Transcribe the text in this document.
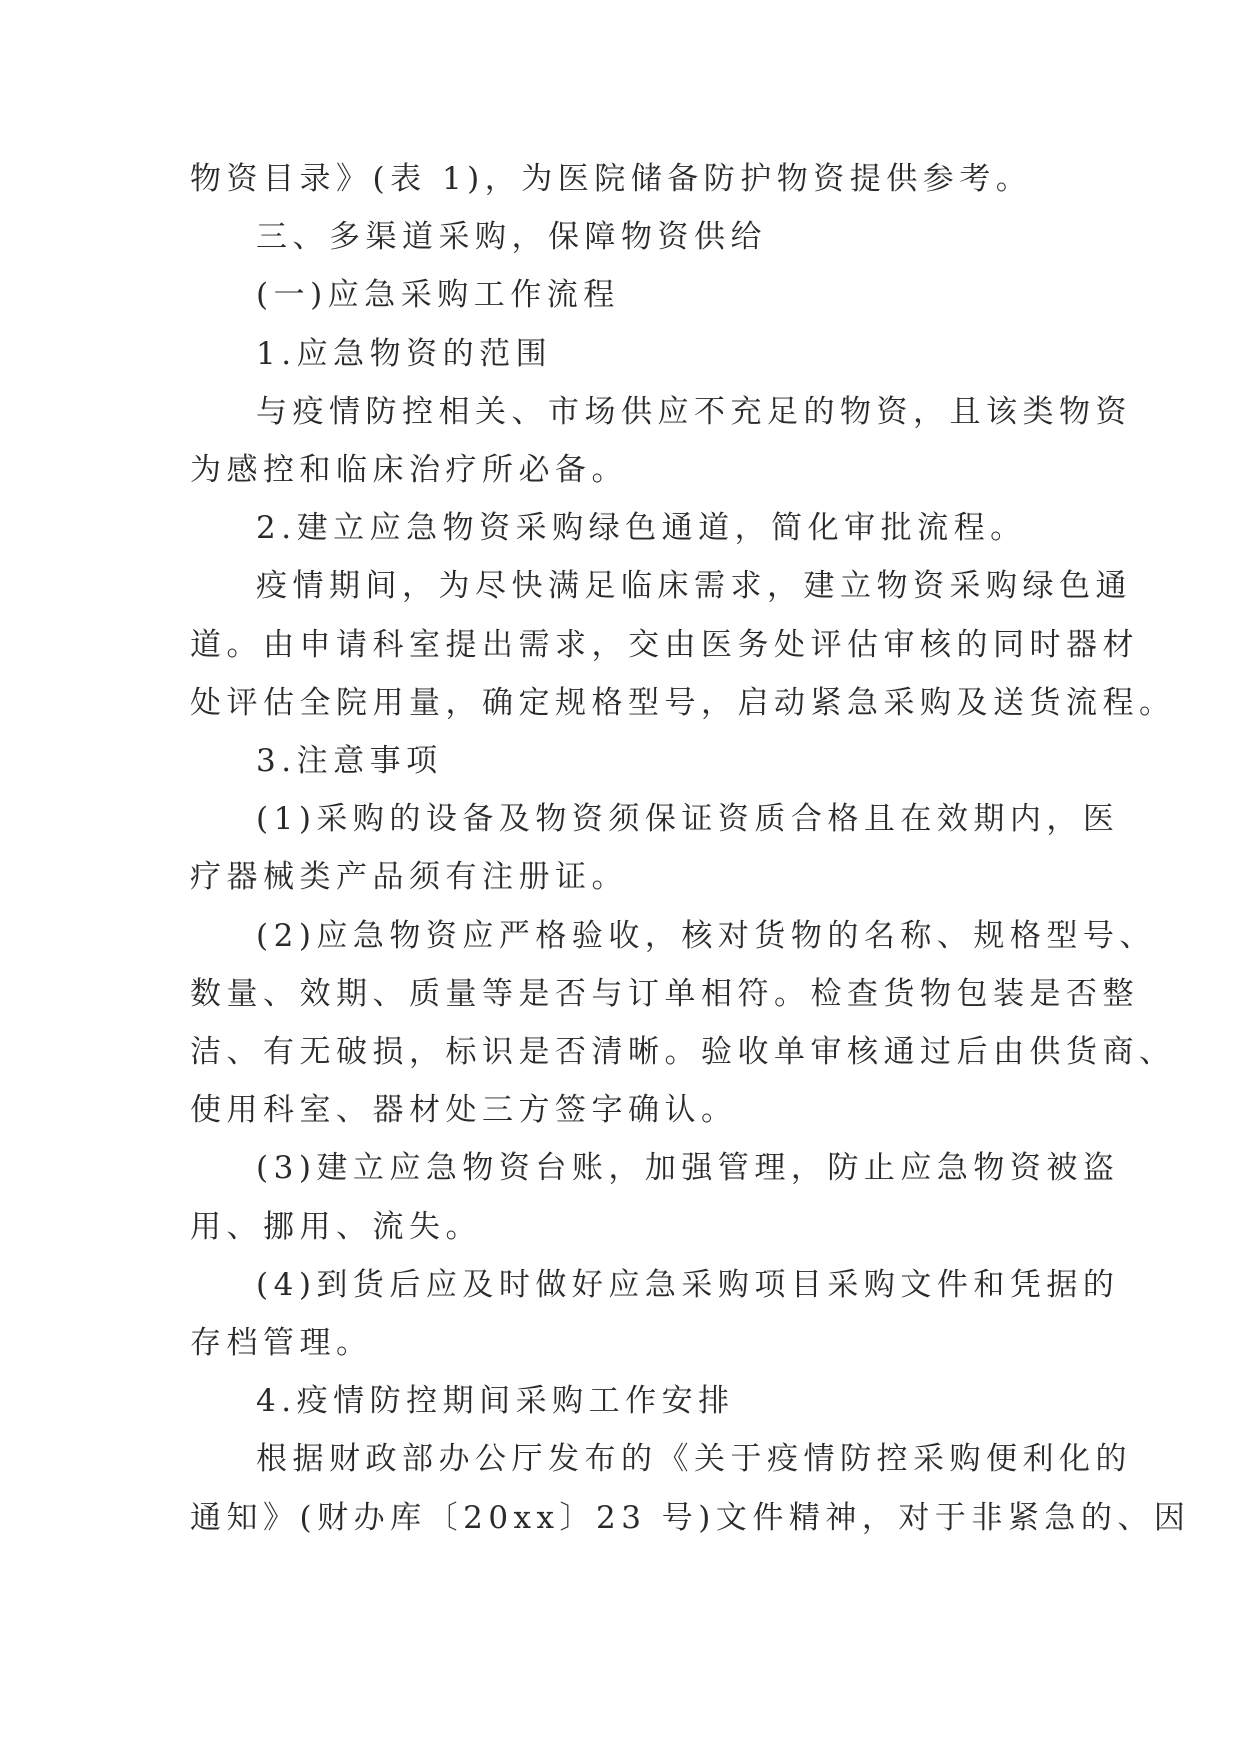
物资目录》(表 1)，为医院储备防护物资提供参考。

三、多渠道采购，保障物资供给

(一)应急采购工作流程

1.应急物资的范围

与疫情防控相关、市场供应不充足的物资，且该类物资

为感控和临床治疗所必备。

2.建立应急物资采购绿色通道，简化审批流程。

疫情期间，为尽快满足临床需求，建立物资采购绿色通

道。由申请科室提出需求，交由医务处评估审核的同时器材

处评估全院用量，确定规格型号，启动紧急采购及送货流程。

3.注意事项

(1)采购的设备及物资须保证资质合格且在效期内，医

疗器械类产品须有注册证。

(2)应急物资应严格验收，核对货物的名称、规格型号、

数量、效期、质量等是否与订单相符。检查货物包装是否整

洁、有无破损，标识是否清晰。验收单审核通过后由供货商、

使用科室、器材处三方签字确认。

(3)建立应急物资台账，加强管理，防止应急物资被盗

用、挪用、流失。

(4)到货后应及时做好应急采购项目采购文件和凭据的

存档管理。

4.疫情防控期间采购工作安排

根据财政部办公厅发布的《关于疫情防控采购便利化的

通知》(财办库〔20xx〕23 号)文件精神，对于非紧急的、因
